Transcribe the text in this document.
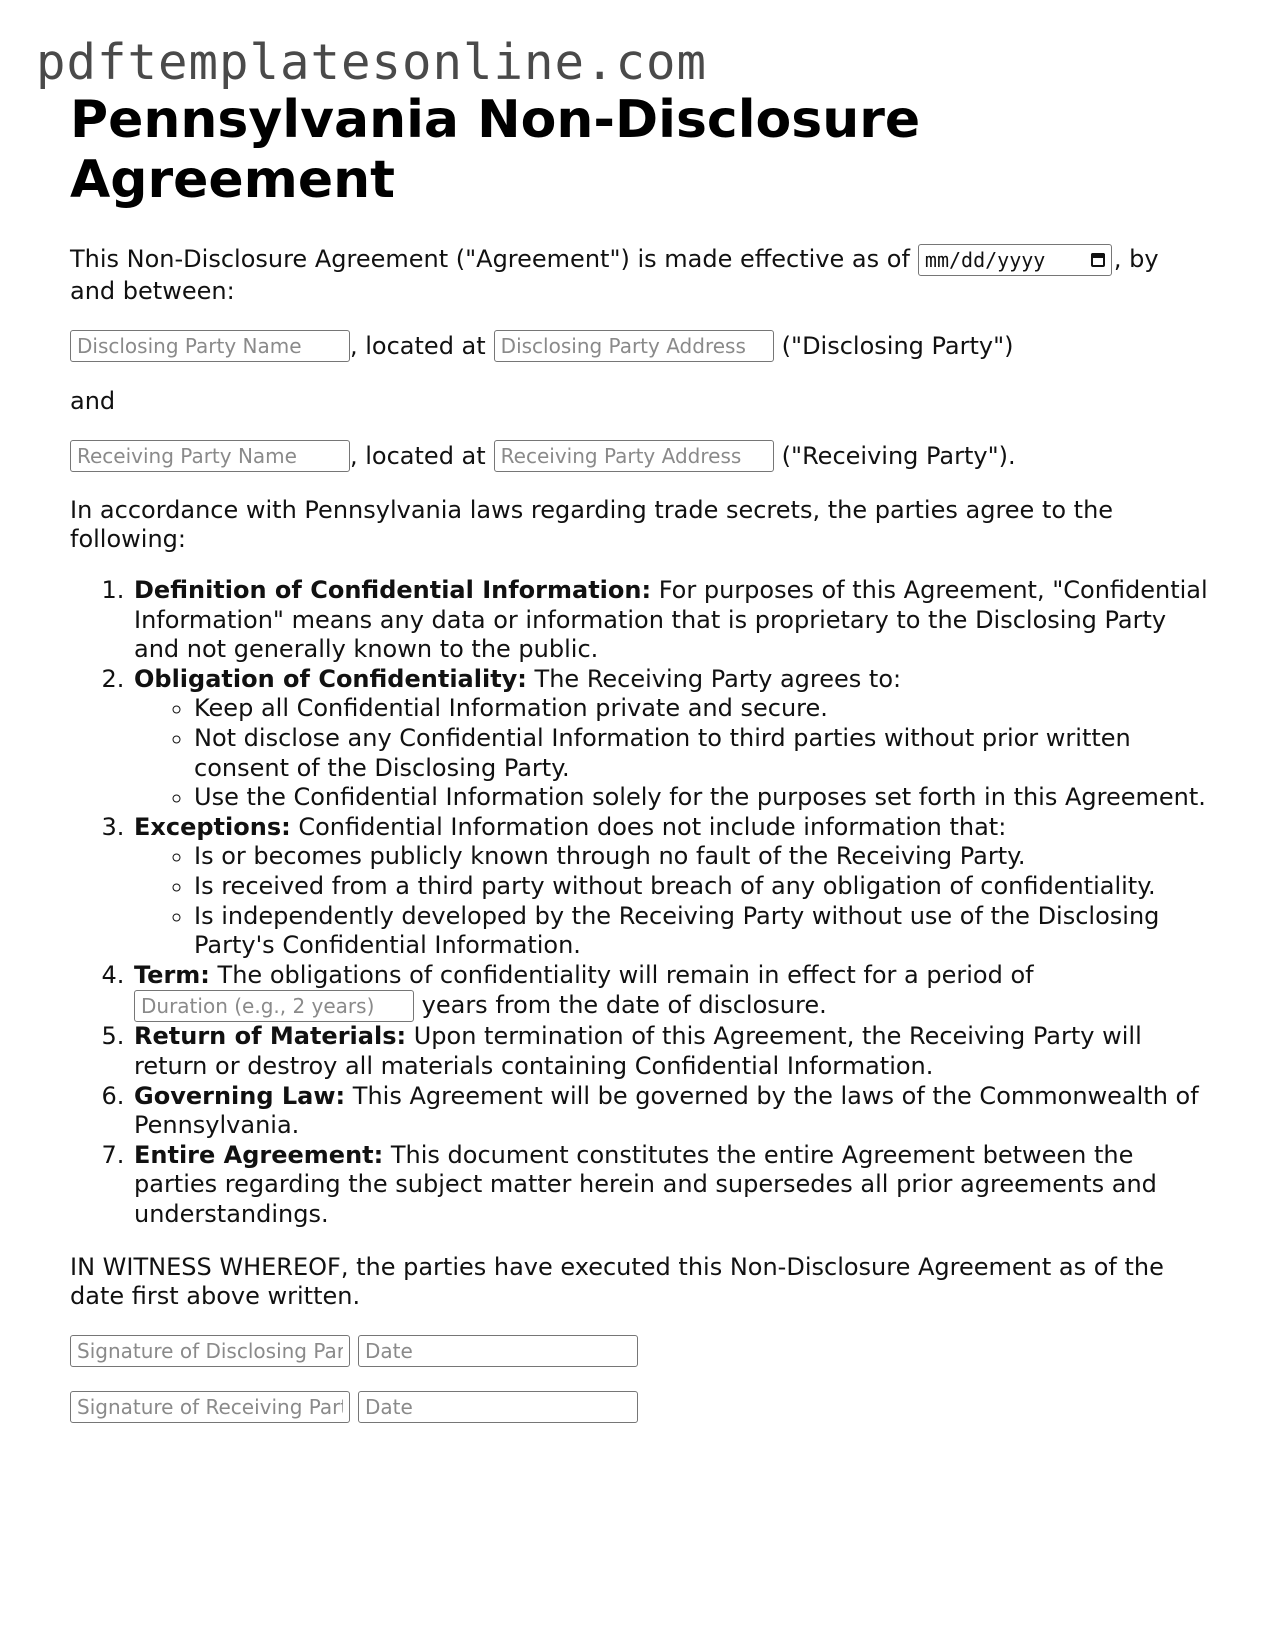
pdftemplatesonline.com
Pennsylvania Non-Disclosure Agreement

This Non-Disclosure Agreement ("Agreement") is made effective as of mm/dd/yyyy	, by and between:

Disclosing Party Name
, located at
Disclosing Party Address	("Disclosing Party")

and

Receiving Party Name
, located at
Receiving Party Address	("Receiving Party").

In accordance with Pennsylvania laws regarding trade secrets, the parties agree to the following:

1. Definition of Confidential Information: For purposes of this Agreement, "Confidential Information" means any data or information that is proprietary to the Disclosing Party and not generally known to the public.
2. Obligation of Confidentiality: The Receiving Party agrees to:
◦ Keep all Confidential Information private and secure.
◦ Not disclose any Confidential Information to third parties without prior written consent of the Disclosing Party.
◦ Use the Confidential Information solely for the purposes set forth in this Agreement.
3. Exceptions: Confidential Information does not include information that:
◦ Is or becomes publicly known through no fault of the Receiving Party.
◦ Is received from a third party without breach of any obligation of confidentiality.
◦ Is independently developed by the Receiving Party without use of the Disclosing Party's Confidential Information.
4. Term: The obligations of confidentiality will remain in effect for a period of
Duration (e.g., 2 years) years from the date of disclosure.
5. Return of Materials: Upon termination of this Agreement, the Receiving Party will return or destroy all materials containing Confidential Information.
6. Governing Law: This Agreement will be governed by the laws of the Commonwealth of Pennsylvania.
7. Entire Agreement: This document constitutes the entire Agreement between the parties regarding the subject matter herein and supersedes all prior agreements and understandings.

IN WITNESS WHEREOF, the parties have executed this Non-Disclosure Agreement as of the date first above written.

Signature of Disclosing Party
Date
Signature of Receiving Party
Date
